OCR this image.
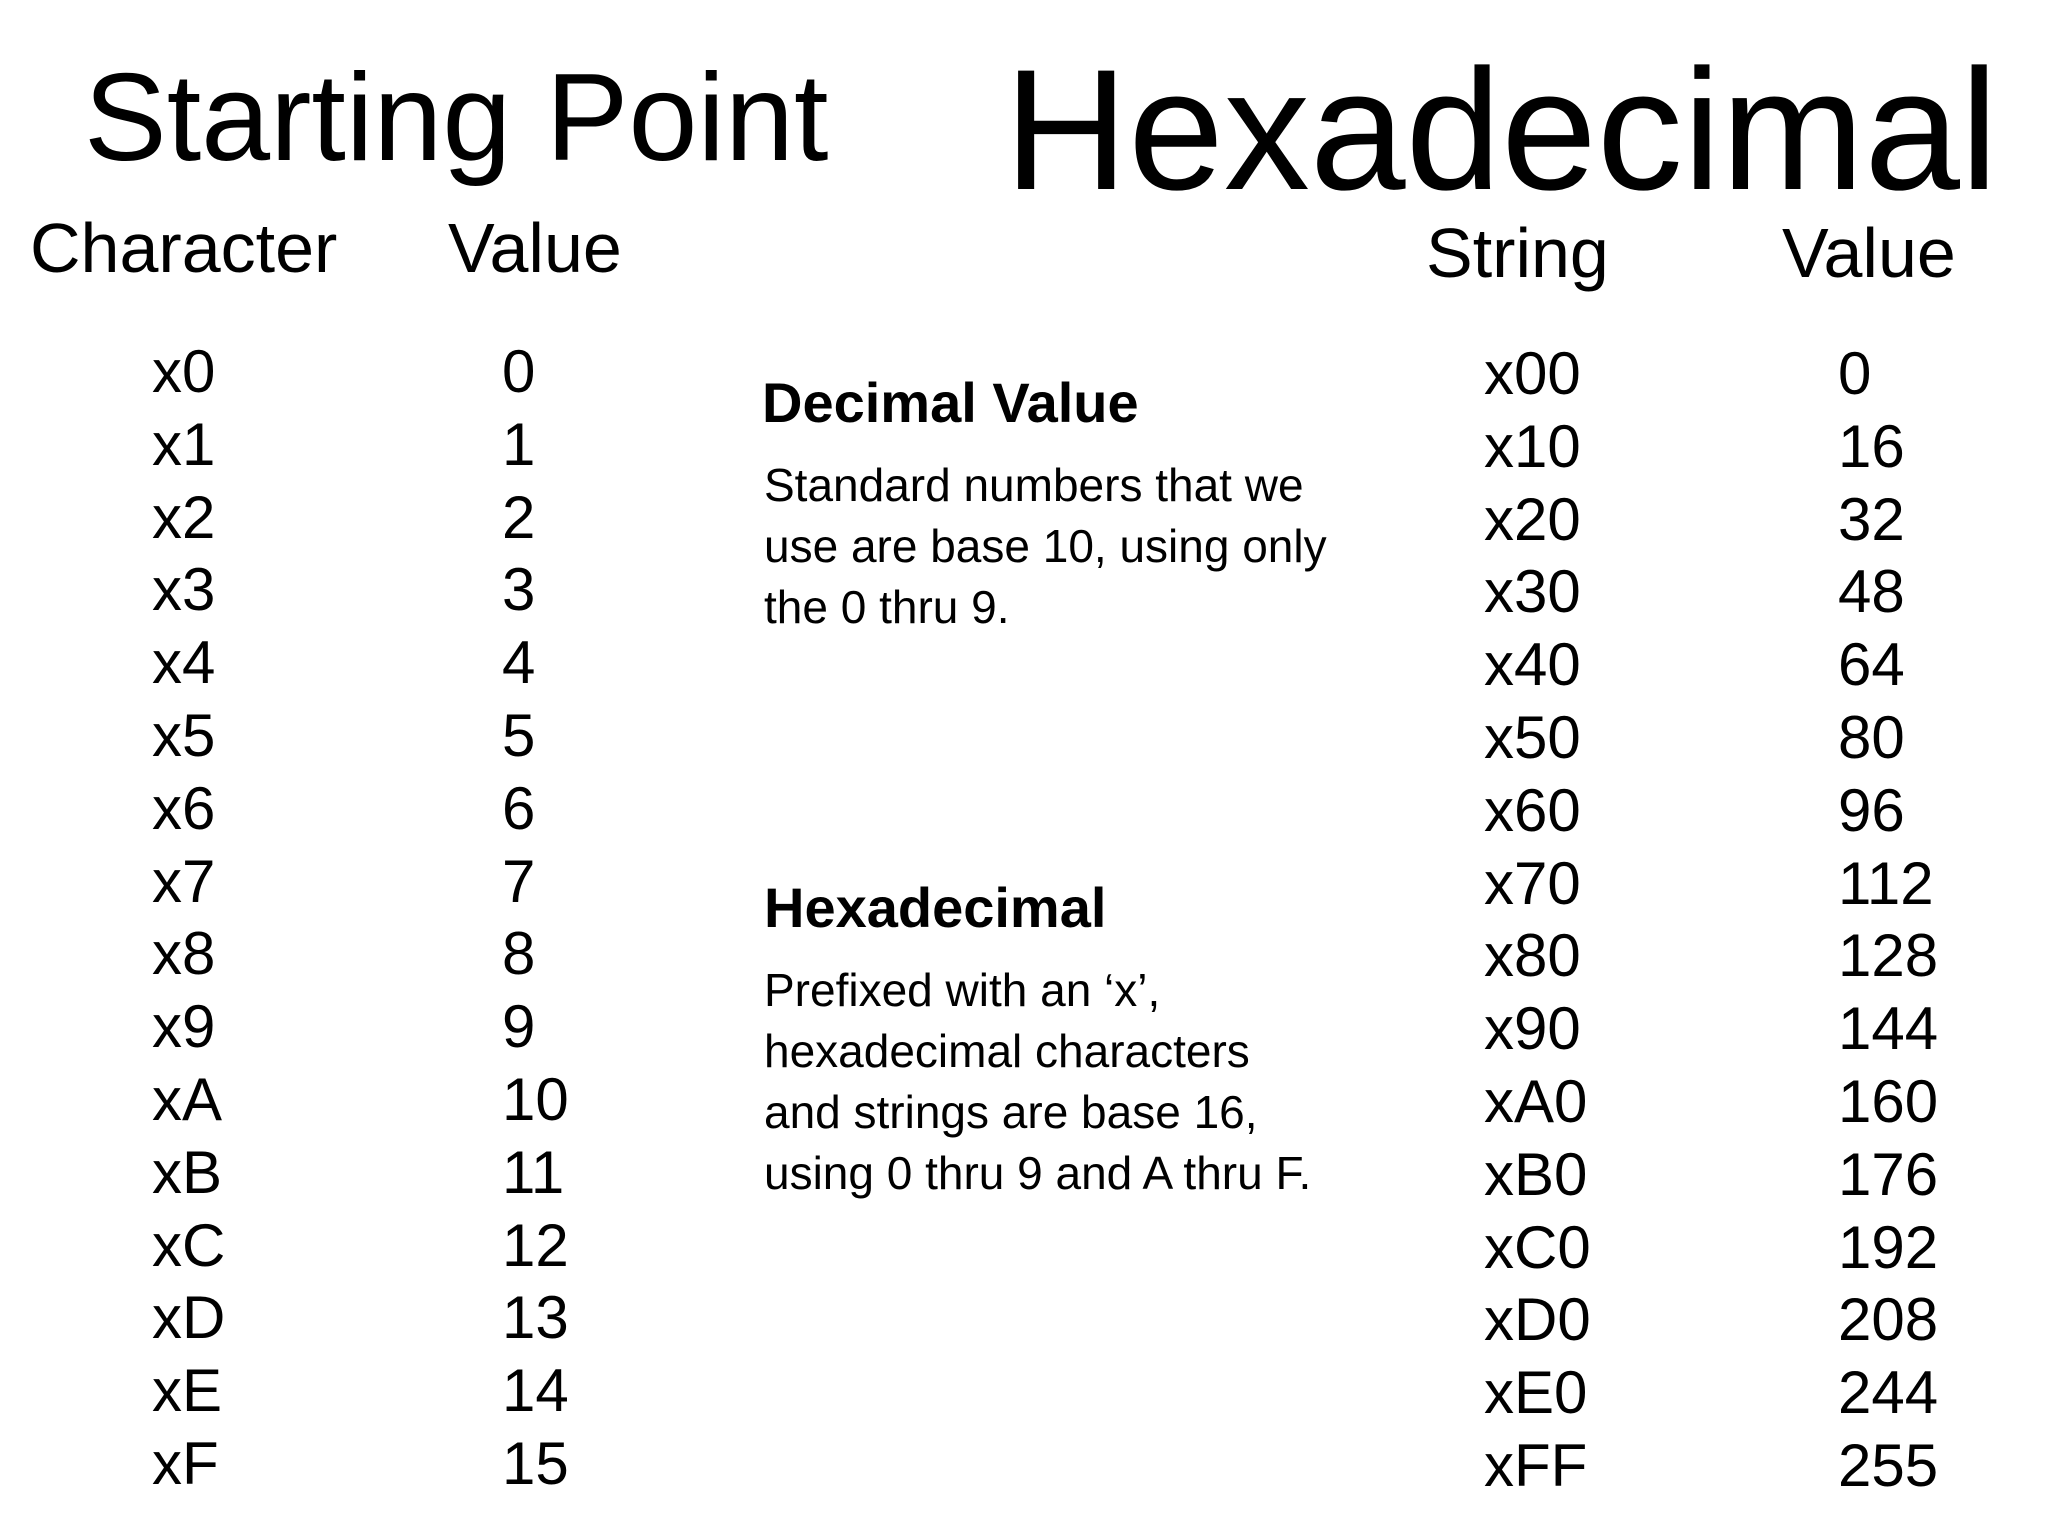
Starting Point Hexadecimal
Character Value	String Value
x0
x1
x2
x3
x4
x5
x6
x7
x8
x9
xA
xB
xC
xD
xE
xF
0
1
2
3
4
5
6
7
8
9
10
11
12
13
14
15
x00
x10
x20
x30
x40
x50
x60
x70
x80
x90
xA0
xB0
xC0
xD0
xE0
xFF
0
16
32
48
64
80
96
112
128
144
160
176
192
208
244
255
Decimal Value
Standard numbers that we
use are base 10, using only
the 0 thru 9.
Hexadecimal
Prefixed with an ‘x’,
hexadecimal characters
and strings are base 16,
using 0 thru 9 and A thru F.
